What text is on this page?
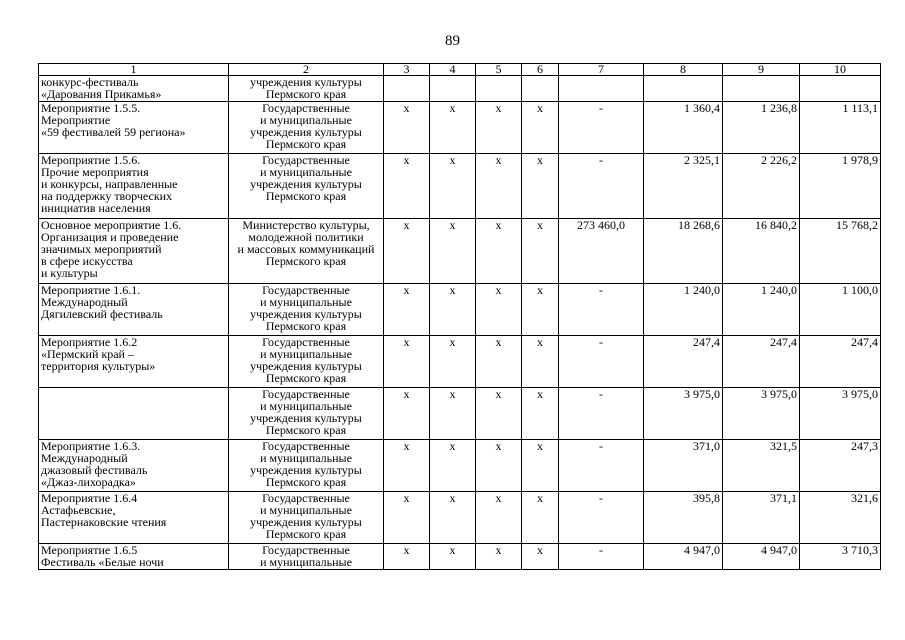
89
1	2	3	4	5	6	7	8	9	10

конкурс-фестиваль
«Дарования Прикамья»	учреждения культуры
Пермского края								

Мероприятие 1.5.5.
Мероприятие
«59 фестивалей 59 региона»	Государственные
и муниципальные
учреждения культуры
Пермского края	x	x	x	x	-	1 360,4	1 236,8	1 113,1

Мероприятие 1.5.6.
Прочие мероприятия
и конкурсы, направленные
на поддержку творческих
инициатив населения	Государственные
и муниципальные
учреждения культуры
Пермского края	x	x	x	x	-	2 325,1	2 226,2	1 978,9

Основное мероприятие 1.6.
Организация и проведение
значимых мероприятий
в сфере искусства
и культуры	Министерство культуры,
молодежной политики
и массовых коммуникаций
Пермского края	x	x	x	x	273 460,0	18 268,6	16 840,2	15 768,2

Мероприятие 1.6.1.
Международный
Дягилевский фестиваль	Государственные
и муниципальные
учреждения культуры
Пермского края	x	x	x	x	-	1 240,0	1 240,0	1 100,0

Мероприятие 1.6.2
«Пермский край –
территория культуры»	Государственные
и муниципальные
учреждения культуры
Пермского края	x	x	x	x	-	247,4	247,4	247,4

	Государственные
и муниципальные
учреждения культуры
Пермского края	x	x	x	x	-	3 975,0	3 975,0	3 975,0

Мероприятие 1.6.3.
Международный
джазовый фестиваль
«Джаз-лихорадка»	Государственные
и муниципальные
учреждения культуры
Пермского края	x	x	x	x	-	371,0	321,5	247,3

Мероприятие 1.6.4
Астафьевские,
Пастернаковские чтения	Государственные
и муниципальные
учреждения культуры
Пермского края	x	x	x	x	-	395,8	371,1	321,6

Мероприятие 1.6.5
Фестиваль «Белые ночи	Государственные
и муниципальные	x	x	x	x	-	4 947,0	4 947,0	3 710,3
